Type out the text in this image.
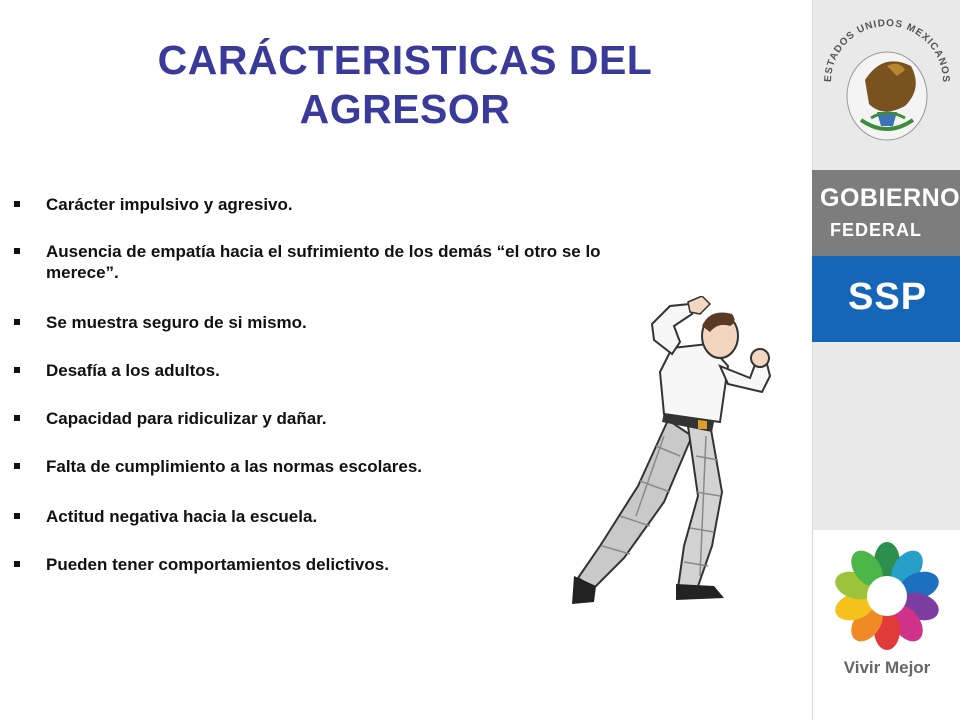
CARÁCTERISTICAS DEL
AGRESOR
Carácter impulsivo y agresivo.
Ausencia de empatía hacia el sufrimiento de los demás “el otro se lo merece”.
Se muestra seguro de si mismo.
Desafía a los adultos.
Capacidad para ridiculizar y dañar.
Falta de cumplimiento a las normas escolares.
Actitud negativa hacia la escuela.
Pueden tener comportamientos delictivos.
ESTADOS UNIDOS MEXICANOS
GOBIERNO
FEDERAL
SSP
Vivir Mejor
